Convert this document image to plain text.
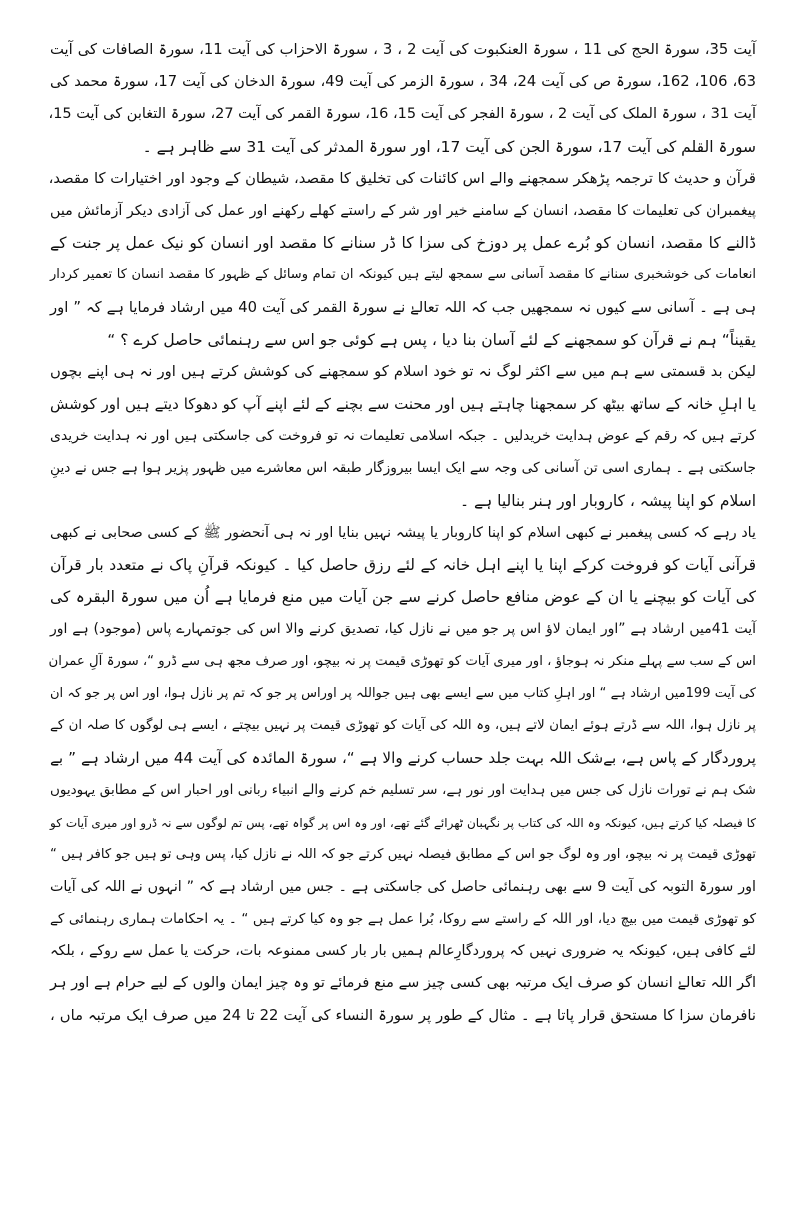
آیت 35، سورۃ الحج کی 11 ، سورۃ العنکبوت کی آیت 2 ، 3 ، سورۃ الاحزاب کی آیت 11، سورۃ الصافات کی آیت
63، 106، 162، سورۃ ص کی آیت 24، 34 ، سورۃ الزمر کی آیت 49، سورۃ الدخان کی آیت 17، سورۃ محمد کی
آیت 31 ، سورۃ الملک کی آیت 2 ، سورۃ الفجر کی آیت 15، 16، سورۃ القمر کی آیت 27، سورۃ التغابن کی آیت 15،
سورۃ القلم کی آیت 17، سورۃ الجن کی آیت 17، اور سورۃ المدثر کی آیت 31 سے ظاہر ہے ۔
قرآن و حدیث کا ترجمہ پڑھکر سمجھنے والے اس کائنات کی تخلیق کا مقصد، شیطان کے وجود اور اختیارات کا مقصد،
پیغمبران کی تعلیمات کا مقصد، انسان کے سامنے خیر اور شر کے راستے کھلے رکھنے اور عمل کی آزادی دیکر آزمائش میں
ڈالنے کا مقصد، انسان کو بُرے عمل پر دوزخ کی سزا کا ڈر سنانے کا مقصد اور انسان کو نیک عمل پر جنت کے
انعامات کی خوشخبری سنانے کا مقصد آسانی سے سمجھ لیتے ہیں کیونکہ ان تمام وسائل کے ظہور کا مقصد انسان کا تعمیر کردار
ہی ہے ۔ آسانی سے کیوں نہ سمجھیں جب کہ اللہ تعالےٰ نے سورۃ القمر کی آیت 40 میں ارشاد فرمایا ہے کہ ” اور
یقیناً“ ہم نے قرآن کو سمجھنے کے لئے آسان بنا دیا ، پس ہے کوئی جو اس سے رہنمائی حاصل کرے ؟ “
لیکن بد قسمتی سے ہم میں سے اکثر لوگ نہ تو خود اسلام کو سمجھنے کی کوشش کرتے ہیں اور نہ ہی اپنے بچوں
یا اہلِ خانہ کے ساتھ بیٹھ کر سمجھنا چاہتے ہیں اور محنت سے بچنے کے لئے اپنے آپ کو دھوکا دیتے ہیں اور کوشش
کرتے ہیں کہ رقم کے عوض ہدایت خریدلیں ۔ جبکہ اسلامی تعلیمات نہ تو فروخت کی جاسکتی ہیں اور نہ ہدایت خریدی
جاسکتی ہے ۔ ہماری اسی تن آسانی کی وجہ سے ایک ایسا بیروزگار طبقہ اس معاشرے میں ظہور پزیر ہوا ہے جس نے دینِ
اسلام کو اپنا پیشہ ، کاروبار اور ہنر بنالیا ہے ۔
یاد رہے کہ کسی پیغمبر نے کبھی اسلام کو اپنا کاروبار یا پیشہ نہیں بنایا اور نہ ہی آنحضور ﷺ کے کسی صحابی نے کبھی
قرآنی آیات کو فروخت کرکے اپنا یا اپنے اہل خانہ کے لئے رزق حاصل کیا ۔ کیونکہ قرآنِ پاک نے متعدد بار قرآن
کی آیات کو بیچنے یا ان کے عوض منافع حاصل کرنے سے جن آیات میں منع فرمایا ہے اُن میں سورۃ البقرہ کی
آیت 41میں ارشاد ہے ”اور ایمان لاؤ اس پر جو میں نے نازل کیا، تصدیق کرنے والا اس کی جوتمہارے پاس (موجود) ہے اور
اس کے سب سے پہلے منکر نہ ہوجاؤ ، اور میری آیات کو تھوڑی قیمت پر نہ بیچو، اور صرف مجھ ہی سے ڈرو “، سورۃ آلِ عمران
کی آیت 199میں ارشاد ہے “ اور اہلِ کتاب میں سے ایسے بھی ہیں جواللہ پر اوراس پر جو کہ تم پر نازل ہوا، اور اس پر جو کہ ان
پر نازل ہوا، اللہ سے ڈرتے ہوئے ایمان لاتے ہیں، وہ اللہ کی آیات کو تھوڑی قیمت پر نہیں بیچتے ، ایسے ہی لوگوں کا صلہ ان کے
پروردگار کے پاس ہے، بےشک اللہ بہت جلد حساب کرنے والا ہے “، سورۃ المائدہ کی آیت 44 میں ارشاد ہے ” بے
شک ہم نے تورات نازل کی جس میں ہدایت اور نور ہے، سر تسلیم خم کرنے والے انبیاء ربانی اور احبار اس کے مطابق یہودیوں
کا فیصلہ کیا کرتے ہیں، کیونکہ وہ اللہ کی کتاب پر نگہبان ٹھرائے گئے تھے، اور وہ اس پر گواہ تھے، پس تم لوگوں سے نہ ڈرو اور میری آیات کو
تھوڑی قیمت پر نہ بیچو، اور وہ لوگ جو اس کے مطابق فیصلہ نہیں کرتے جو کہ اللہ نے نازل کیا، پس وہی تو ہیں جو کافر ہیں “
اور سورۃ التوبہ کی آیت 9 سے بھی رہنمائی حاصل کی جاسکتی ہے ۔ جس میں ارشاد ہے کہ ” انہوں نے اللہ کی آیات
کو تھوڑی قیمت میں بیچ دیا، اور اللہ کے راستے سے روکا، بُرا عمل ہے جو وہ کیا کرتے ہیں “ ۔ یہ احکامات ہماری رہنمائی کے
لئے کافی ہیں، کیونکہ یہ ضروری نہیں کہ پروردگارِعالم ہمیں بار بار کسی ممنوعہ بات، حرکت یا عمل سے روکے ، بلکہ
اگر اللہ تعالےٰ انسان کو صرف ایک مرتبہ بھی کسی چیز سے منع فرمائے تو وہ چیز ایمان والوں کے لیے حرام ہے اور ہر
نافرمان سزا کا مستحق قرار پاتا ہے ۔ مثال کے طور پر سورۃ النساء کی آیت 22 تا 24 میں صرف ایک مرتبہ ماں ،
